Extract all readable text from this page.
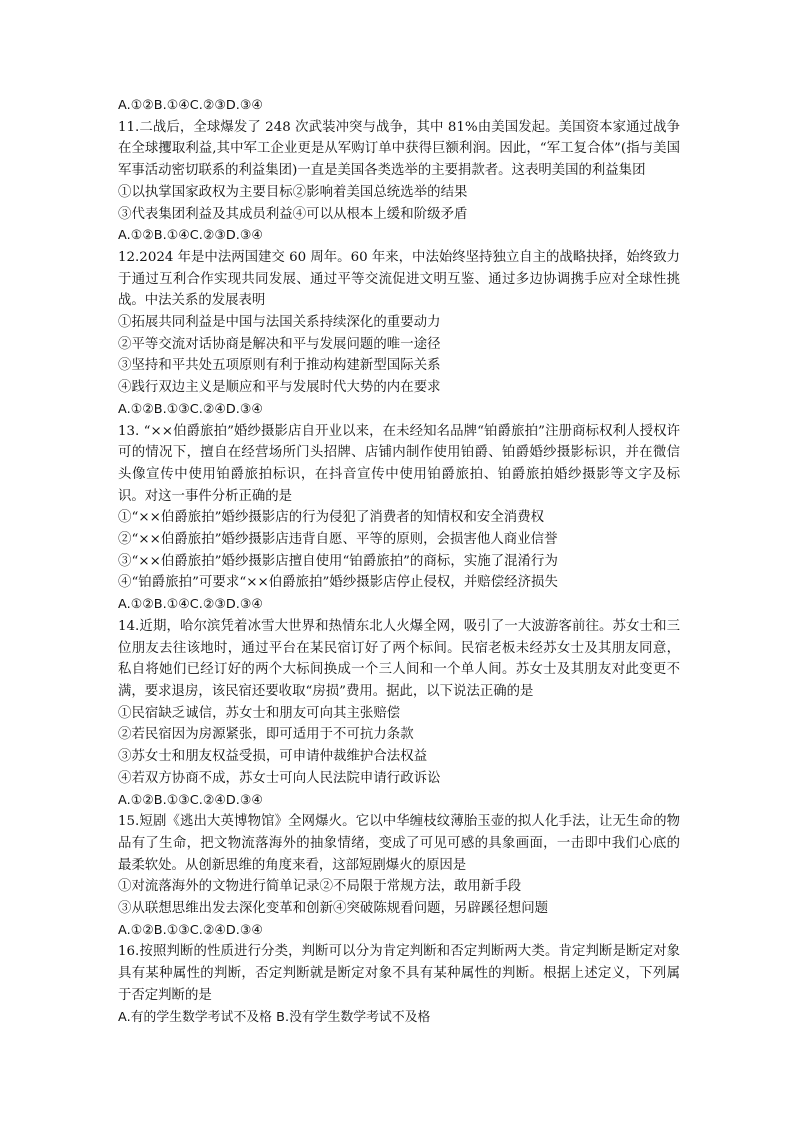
A.①②B.①④C.②③D.③④
11.二战后，全球爆发了 248 次武装冲突与战争，其中 81%由美国发起。美国资本家通过战争在全球攫取利益,其中军工企业更是从军购订单中获得巨额利润。因此，“军工复合体”(指与美国军事活动密切联系的利益集团)一直是美国各类选举的主要捐款者。这表明美国的利益集团
①以执掌国家政权为主要目标②影响着美国总统选举的结果
③代表集团利益及其成员利益④可以从根本上缓和阶级矛盾
A.①②B.①④C.②③D.③④
12.2024 年是中法两国建交 60 周年。60 年来，中法始终坚持独立自主的战略抉择，始终致力于通过互利合作实现共同发展、通过平等交流促进文明互鉴、通过多边协调携手应对全球性挑战。中法关系的发展表明
①拓展共同利益是中国与法国关系持续深化的重要动力
②平等交流对话协商是解决和平与发展问题的唯一途径
③坚持和平共处五项原则有利于推动构建新型国际关系
④践行双边主义是顺应和平与发展时代大势的内在要求
A.①②B.①③C.②④D.③④
13. “××伯爵旅拍”婚纱摄影店自开业以来，在未经知名品牌“铂爵旅拍”注册商标权利人授权许可的情况下，擅自在经营场所门头招牌、店铺内制作使用铂爵、铂爵婚纱摄影标识，并在微信头像宣传中使用铂爵旅拍标识，在抖音宣传中使用铂爵旅拍、铂爵旅拍婚纱摄影等文字及标识。对这一事件分析正确的是
①“××伯爵旅拍”婚纱摄影店的行为侵犯了消费者的知情权和安全消费权
②“××伯爵旅拍”婚纱摄影店违背自愿、平等的原则，会损害他人商业信誉
③“××伯爵旅拍”婚纱摄影店擅自使用“铂爵旅拍”的商标，实施了混淆行为
④“铂爵旅拍”可要求“××伯爵旅拍”婚纱摄影店停止侵权，并赔偿经济损失
A.①②B.①④C.②③D.③④
14.近期，哈尔滨凭着冰雪大世界和热情东北人火爆全网，吸引了一大波游客前往。苏女士和三位朋友去往该地时，通过平台在某民宿订好了两个标间。民宿老板未经苏女士及其朋友同意，私自将她们已经订好的两个大标间换成一个三人间和一个单人间。苏女士及其朋友对此变更不满，要求退房，该民宿还要收取“房损”费用。据此，以下说法正确的是
①民宿缺乏诚信，苏女士和朋友可向其主张赔偿
②若民宿因为房源紧张，即可适用于不可抗力条款
③苏女士和朋友权益受损，可申请仲裁维护合法权益
④若双方协商不成，苏女士可向人民法院申请行政诉讼
A.①②B.①③C.②④D.③④
15.短剧《逃出大英博物馆》全网爆火。它以中华缠枝纹薄胎玉壶的拟人化手法，让无生命的物品有了生命，把文物流落海外的抽象情绪，变成了可见可感的具象画面，一击即中我们心底的最柔软处。从创新思维的角度来看，这部短剧爆火的原因是
①对流落海外的文物进行简单记录②不局限于常规方法，敢用新手段
③从联想思维出发去深化变革和创新④突破陈规看问题，另辟蹊径想问题
A.①②B.①③C.②④D.③④
16.按照判断的性质进行分类，判断可以分为肯定判断和否定判断两大类。肯定判断是断定对象具有某种属性的判断，否定判断就是断定对象不具有某种属性的判断。根据上述定义，下列属于否定判断的是
A.有的学生数学考试不及格 B.没有学生数学考试不及格
